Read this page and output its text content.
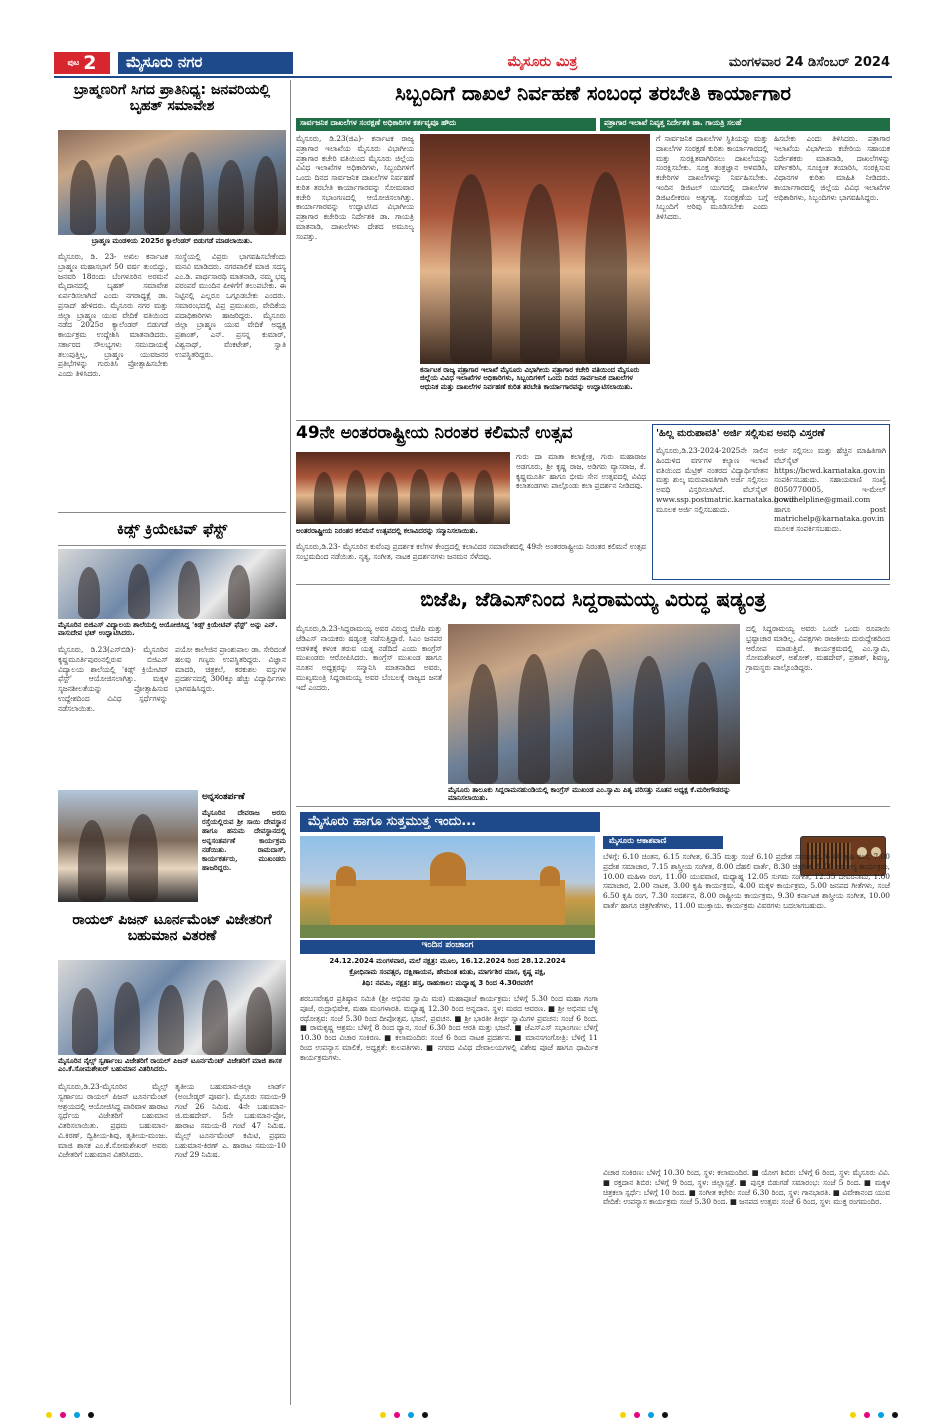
ಪುಟ 2	ಮೈಸೂರು ನಗರ	ಮೈಸೂರು ಮಿತ್ರ	ಮಂಗಳವಾರ 24 ಡಿಸೆಂಬರ್ 2024
ಬ್ರಾಹ್ಮಣರಿಗೆ ಸಿಗದ ಪ್ರಾತಿನಿಧ್ಯ: ಜನವರಿಯಲ್ಲಿ ಬೃಹತ್ ಸಮಾವೇಶ
ಬ್ರಾಹ್ಮಣ ಮಂಡಳಿಯ 2025ರ ಕ್ಯಾಲೆಂಡರ್ ಬಿಡುಗಡೆ ಮಾಡಲಾಯಿತು.
ಮೈಸೂರು, ಡಿ. 23- ಅಖಿಲ ಕರ್ನಾಟಕ ಬ್ರಾಹ್ಮಣ ಮಹಾಸಭಾಗೆ 50 ವರ್ಷ ತುಂಬಿದ್ದು, ಜನವರಿ 18ರಂದು ಬೆಂಗಳೂರಿನ ಅರಮನೆ ಮೈದಾನದಲ್ಲಿ ಬೃಹತ್ ಸಮಾವೇಶ ಏರ್ಪಡಿಸಲಾಗಿದೆ ಎಂದು ನಗರಾಧ್ಯಕ್ಷೆ ಡಾ. ಪ್ರಸಾದ್ ಹೇಳಿದರು. ಮೈಸೂರು ನಗರ ಮತ್ತು ಜಿಲ್ಲಾ ಬ್ರಾಹ್ಮಣ ಯುವ ವೇದಿಕೆ ವತಿಯಿಂದ ನಡೆದ 2025ರ ಕ್ಯಾಲೆಂಡರ್ ಬಿಡುಗಡೆ ಕಾರ್ಯಕ್ರಮ ಉದ್ದೇಶಿಸಿ ಮಾತನಾಡಿದರು. ಸರ್ಕಾರದ ಸೌಲಭ್ಯಗಳು ಸಮುದಾಯಕ್ಕೆ ತಲುಪುತ್ತಿಲ್ಲ, ಬ್ರಾಹ್ಮಣ ಯುವಜನರ ಪ್ರತಿಭೆಗಳನ್ನು ಗುರುತಿಸಿ ಪ್ರೋತ್ಸಾಹಿಸಬೇಕು ಎಂದು ತಿಳಿಸಿದರು.
ಸಂಸ್ಥೆಯಲ್ಲಿ ವಿಪ್ರರು ಭಾಗವಹಿಸಬೇಕೆಂದು ಮನವಿ ಮಾಡಿದರು. ನಗರಪಾಲಿಕೆ ಮಾಜಿ ಸದಸ್ಯ ಎಂ.ಡಿ. ಪಾರ್ಥಸಾರಥಿ ಮಾತನಾಡಿ, ನಮ್ಮ ಭವ್ಯ ಪರಂಪರೆ ಮುಂದಿನ ಪೀಳಿಗೆಗೆ ತಲುಪಬೇಕು. ಈ ನಿಟ್ಟಿನಲ್ಲಿ ಎಲ್ಲರೂ ಒಗ್ಗೂಡಬೇಕು ಎಂದರು. ಸಮಾರಂಭದಲ್ಲಿ ವಿಪ್ರ ಪ್ರಮುಖರು, ವೇದಿಕೆಯ ಪದಾಧಿಕಾರಿಗಳು ಹಾಜರಿದ್ದರು. ಮೈಸೂರು ಜಿಲ್ಲಾ ಬ್ರಾಹ್ಮಣ ಯುವ ವೇದಿಕೆ ಅಧ್ಯಕ್ಷ ಪ್ರಶಾಂತ್, ಎನ್. ಪ್ರಸನ್ನ ಕುಮಾರ್, ವಿಶ್ವನಾಥ್, ವೆಂಕಟೇಶ್, ಸ್ವಾತಿ ಉಪಸ್ಥಿತರಿದ್ದರು.
ಕಿಡ್ಸ್ ಕ್ರಿಯೇಟಿವ್ ಫೆಸ್ಟ್
ಮೈಸೂರಿನ ಬಿಜಿಎಸ್ ವಿದ್ಯಾಲಯ ಶಾಲೆಯಲ್ಲಿ ಆಯೋಜಿಸಿದ್ದ 'ಕಿಡ್ಸ್ ಕ್ರಿಯೇಟಿವ್ ಫೆಸ್ಟ್' ಅನ್ನು ಎನ್. ವಾಸುದೇವ ಭಟ್ ಉದ್ಘಾಟಿಸಿದರು.
ಮೈಸೂರು, ಡಿ.23(ಎಸ್‌ಬಿಡಿ)- ಮೈಸೂರಿನ ಕೃಷ್ಣಮೂರ್ತಿಪುರಂನಲ್ಲಿರುವ ಬಿಜಿಎಸ್ ವಿದ್ಯಾಲಯ ಶಾಲೆಯಲ್ಲಿ 'ಕಿಡ್ಸ್ ಕ್ರಿಯೇಟಿವ್ ಫೆಸ್ಟ್' ಆಯೋಜಿಸಲಾಗಿತ್ತು. ಮಕ್ಕಳ ಸೃಜನಶೀಲತೆಯನ್ನು ಪ್ರೋತ್ಸಾಹಿಸುವ ಉದ್ದೇಶದಿಂದ ವಿವಿಧ ಸ್ಪರ್ಧೆಗಳನ್ನು ನಡೆಸಲಾಯಿತು.
ಪಯೋ ಕಾಲೇಜಿನ ಪ್ರಾಂಶುಪಾಲ ಡಾ. ಸೇರಿದಂತೆ ಹಲವು ಗಣ್ಯರು ಉಪಸ್ಥಿತರಿದ್ದರು. ವಿಜ್ಞಾನ ಮಾದರಿ, ಚಿತ್ರಕಲೆ, ಕರಕುಶಲ ವಸ್ತುಗಳ ಪ್ರದರ್ಶನದಲ್ಲಿ 300ಕ್ಕೂ ಹೆಚ್ಚು ವಿದ್ಯಾರ್ಥಿಗಳು ಭಾಗವಹಿಸಿದ್ದರು.
ಅನ್ನಸಂತರ್ಪಣೆ
ಮೈಸೂರಿನ ದೇವರಾಜ ಅರಸು ರಸ್ತೆಯಲ್ಲಿರುವ ಶ್ರೀ ಸಾಯಿ ದೇವಸ್ಥಾನ ಹಾಗೂ ಹನುಮ ದೇವಸ್ಥಾನದಲ್ಲಿ ಅನ್ನಸಂತರ್ಪಣೆ ಕಾರ್ಯಕ್ರಮ ನಡೆಯಿತು. ರಾಮದಾಸ್, ಕಾರ್ಯಕರ್ತರು, ಮುಖಂಡರು ಹಾಜರಿದ್ದರು.
ರಾಯಲ್ ಪಿಜನ್ ಟೂರ್ನಮೆಂಟ್ ವಿಜೇತರಿಗೆ ಬಹುಮಾನ ವಿತರಣೆ
ಮೈಸೂರಿನ ನೈಲ್ಸ್ ಸ್ವರ್ಣಾಂಬ ವಿಜೇತರಿಗೆ ರಾಯಲ್ ಪಿಜನ್ ಟೂರ್ನಮೆಂಟ್ ವಿಜೇತರಿಗೆ ಮಾಜಿ ಶಾಸಕ ಎಂ.ಕೆ.ಸೋಮಶೇಖರ್ ಬಹುಮಾನ ವಿತರಿಸಿದರು.
ಮೈಸೂರು,ಡಿ.23-ಮೈಸೂರಿನ ಮೈಲ್ಸ್ ಸ್ವರ್ಣಾಂಬ ರಾಯಲ್ ಪಿಜನ್ ಟೂರ್ನಮೆಂಟ್ ಆಶ್ರಯದಲ್ಲಿ ಆಯೋಜಿಸಿದ್ದ ಪಾರಿವಾಳ ಹಾರಾಟ ಸ್ಪರ್ಧೆಯ ವಿಜೇತರಿಗೆ ಬಹುಮಾನ ವಿತರಿಸಲಾಯಿತು. ಪ್ರಥಮ ಬಹುಮಾನ-ವಿ.ಕಿರಣ್, ದ್ವಿತೀಯ-ಶಿವು, ತೃತೀಯ-ಮಂಜು. ಮಾಜಿ ಶಾಸಕ ಎಂ.ಕೆ.ಸೋಮಶೇಖರ್ ಅವರು ವಿಜೇತರಿಗೆ ಬಹುಮಾನ ವಿತರಿಸಿದರು.
ತೃತೀಯ ಬಹುಮಾನ-ಜಿಲ್ಲಾ ಲಾರ್ಡ್ (ಅಂಬೇಡ್ಕರ್ ಪೂರ್ವ). ಮೈಸೂರು ಸಮಯ-9 ಗಂಟೆ 26 ನಿಮಿಷ. 4ನೇ ಬಹುಮಾನ-ಜಿ.ಮಹದೇವ್. 5ನೇ ಬಹುಮಾನ-ಪ್ರೋ, ಹಾರಾಟ ಸಮಯ-8 ಗಂಟೆ 47 ನಿಮಿಷ. ಮೈಲ್ಸ್ ಟೂರ್ನಮೆಂಟ್ ಕಮಿಟಿ, ಪ್ರಥಮ ಬಹುಮಾನ-ಕಿರಣ್ ಎ. ಹಾರಾಟ ಸಮಯ-10 ಗಂಟೆ 29 ನಿಮಿಷ.
ಸಿಬ್ಬಂದಿಗೆ ದಾಖಲೆ ನಿರ್ವಹಣೆ ಸಂಬಂಧ ತರಬೇತಿ ಕಾರ್ಯಾಗಾರ
ಸಾರ್ವಜನಿಕ ದಾಖಲೆಗಳ ಸಂರಕ್ಷಣೆ ಅಧಿಕಾರಿಗಳ ಕರ್ತವ್ಯವೂ ಹೌದು	ಪತ್ರಾಗಾರ ಇಲಾಖೆ ನಿವೃತ್ತ ನಿರ್ದೇಶಕಿ ಡಾ. ಗಾಯತ್ರಿ ಸಲಹೆ
ಮೈಸೂರು, ಡಿ.23(ಜಿಎ)- ಕರ್ನಾಟಕ ರಾಜ್ಯ ಪತ್ರಾಗಾರ ಇಲಾಖೆಯ ಮೈಸೂರು ವಿಭಾಗೀಯ ಪತ್ರಾಗಾರ ಕಚೇರಿ ವತಿಯಿಂದ ಮೈಸೂರು ಜಿಲ್ಲೆಯ ವಿವಿಧ ಇಲಾಖೆಗಳ ಅಧಿಕಾರಿಗಳು, ಸಿಬ್ಬಂದಿಗಳಿಗೆ ಒಂದು ದಿನದ ಸಾರ್ವಜನಿಕ ದಾಖಲೆಗಳ ನಿರ್ವಹಣೆ ಕುರಿತ ತರಬೇತಿ ಕಾರ್ಯಾಗಾರವನ್ನು ಸೋಮವಾರ ಕಚೇರಿ ಸಭಾಂಗಣದಲ್ಲಿ ಆಯೋಜಿಸಲಾಗಿತ್ತು. ಕಾರ್ಯಾಗಾರವನ್ನು ಉದ್ಘಾಟಿಸಿದ ವಿಭಾಗೀಯ ಪತ್ರಾಗಾರ ಕಚೇರಿಯ ನಿರ್ದೇಶಕಿ ಡಾ. ಗಾಯತ್ರಿ ಮಾತನಾಡಿ, ದಾಖಲೆಗಳು ದೇಶದ ಅಮೂಲ್ಯ ಸಂಪತ್ತು.
ಕರ್ನಾಟಕ ರಾಜ್ಯ ಪತ್ರಾಗಾರ ಇಲಾಖೆ ಮೈಸೂರು ವಿಭಾಗೀಯ ಪತ್ರಾಗಾರ ಕಚೇರಿ ವತಿಯಿಂದ ಮೈಸೂರು ಜಿಲ್ಲೆಯ ವಿವಿಧ ಇಲಾಖೆಗಳ ಅಧಿಕಾರಿಗಳು, ಸಿಬ್ಬಂದಿಗಳಿಗೆ ಒಂದು ದಿನದ ಸಾರ್ವಜನಿಕ ದಾಖಲೆಗಳ ಆಧುನಿಕ ಮತ್ತು ದಾಖಲೆಗಳ ನಿರ್ವಹಣೆ ಕುರಿತ ತರಬೇತಿ ಕಾರ್ಯಾಗಾರವನ್ನು ಉದ್ಘಾಟಿಸಲಾಯಿತು.
ಗೆ ಸಾರ್ವಜನಿಕ ದಾಖಲೆಗಳ ಸ್ಥಿತಿಯನ್ನು ಮತ್ತು ದಾಖಲೆಗಳ ಸಂರಕ್ಷಣೆ ಕುರಿತು ಕಾರ್ಯಾಗಾರದಲ್ಲಿ ಮತ್ತು ಸುರಕ್ಷಿತವಾಗಿರಿಸಲು ದಾಖಲೆಯನ್ನು ಸಂರಕ್ಷಿಸಬೇಕು. ಸೂಕ್ತ ತಂತ್ರಜ್ಞಾನ ಅಳವಡಿಸಿ, ಕಚೇರಿಗಳ ದಾಖಲೆಗಳನ್ನು ನಿರ್ವಹಿಸಬೇಕು. ಇಂದಿನ ಡಿಜಿಟಲ್ ಯುಗದಲ್ಲಿ ದಾಖಲೆಗಳ ಡಿಜಿಟಲೀಕರಣ ಅತ್ಯಗತ್ಯ. ಸಂರಕ್ಷಣೆಯ ಬಗ್ಗೆ ಸಿಬ್ಬಂದಿಗೆ ಅರಿವು ಮೂಡಿಸಬೇಕು ಎಂದು ತಿಳಿಸಿದರು.
ಹಿಸಬೇಕು ಎಂದು ತಿಳಿಸಿದರು. ಪತ್ರಾಗಾರ ಇಲಾಖೆಯ ವಿಭಾಗೀಯ ಕಚೇರಿಯ ಸಹಾಯಕ ನಿರ್ದೇಶಕರು ಮಾತನಾಡಿ, ದಾಖಲೆಗಳನ್ನು ವರ್ಗೀಕರಿಸಿ, ಸೂಚ್ಯಂಕ ತಯಾರಿಸಿ, ಸಂರಕ್ಷಿಸುವ ವಿಧಾನಗಳ ಕುರಿತು ಮಾಹಿತಿ ನೀಡಿದರು. ಕಾರ್ಯಾಗಾರದಲ್ಲಿ ಜಿಲ್ಲೆಯ ವಿವಿಧ ಇಲಾಖೆಗಳ ಅಧಿಕಾರಿಗಳು, ಸಿಬ್ಬಂದಿಗಳು ಭಾಗವಹಿಸಿದ್ದರು.
49ನೇ ಅಂತರರಾಷ್ಟ್ರೀಯ ನಿರಂತರ ಕಲಿಮನೆ ಉತ್ಸವ
ಅಂತರರಾಷ್ಟ್ರೀಯ ನಿರಂತರ ಕಲಿಮನೆ ಉತ್ಸವದಲ್ಲಿ ಕಲಾವಿದರನ್ನು ಸನ್ಮಾನಿಸಲಾಯಿತು.
ಗುರು ದಾ ಮಾತಾ ಕಲಾಕ್ಷೇತ್ರ, ಗುರು ಮಹಾರಾಜ ಅಡಗೂರು, ಶ್ರೀ ಕೃಷ್ಣ ರಾಜ, ಅಡಿಗರು ವ್ಯಾಸರಾಜ, ಕೆ. ಕೃಷ್ಣಮೂರ್ತಿ ಹಾಗೂ ಭೀಮ ಸೇನ ಉತ್ಸವದಲ್ಲಿ ವಿವಿಧ ಕಲಾತಂಡಗಳು ಪಾಲ್ಗೊಂಡು ಕಲಾ ಪ್ರದರ್ಶನ ನೀಡಿದವು.
ಮೈಸೂರು,ಡಿ.23- ಮೈಸೂರಿನ ಕುವೆಂಪು ಪ್ರದರ್ಶಕ ಕಲೆಗಳ ಕೇಂದ್ರದಲ್ಲಿ ಕಲಾವಿದರ ಸಮಾವೇಶದಲ್ಲಿ 49ನೇ ಅಂತರರಾಷ್ಟ್ರೀಯ ನಿರಂತರ ಕಲಿಮನೆ ಉತ್ಸವ ಸಂಭ್ರಮದಿಂದ ನಡೆಯಿತು. ನೃತ್ಯ, ಸಂಗೀತ, ನಾಟಕ ಪ್ರದರ್ಶನಗಳು ಜನಮನ ಸೆಳೆದವು.
'ಹಿಲ್ಲ ಮರುಪಾವತಿ' ಅರ್ಜಿ ಸಲ್ಲಿಸುವ ಅವಧಿ ವಿಸ್ತರಣೆ
ಮೈಸೂರು,ಡಿ.23-2024-2025ನೇ ಸಾಲಿನ ಹಿಂದುಳಿದ ವರ್ಗಗಳ ಕಲ್ಯಾಣ ಇಲಾಖೆ ವತಿಯಿಂದ ಮೆಟ್ರಿಕ್ ನಂತರದ ವಿದ್ಯಾರ್ಥಿವೇತನ ಮತ್ತು ಶುಲ್ಕ ಮರುಪಾವತಿಗಾಗಿ ಅರ್ಜಿ ಸಲ್ಲಿಸಲು ಅವಧಿ ವಿಸ್ತರಿಸಲಾಗಿದೆ. ವೆಬ್‌ಸೈಟ್ www.ssp.postmatric.karnataka.gov.in ಮೂಲಕ ಅರ್ಜಿ ಸಲ್ಲಿಸಬಹುದು.
ಅರ್ಜಿ ಸಲ್ಲಿಸಲು ಮತ್ತು ಹೆಚ್ಚಿನ ಮಾಹಿತಿಗಾಗಿ ವೆಬ್‌ಸೈಟ್ https://bcwd.karnataka.gov.in ಸಂಪರ್ಕಿಸಬಹುದು. ಸಹಾಯವಾಣಿ ಸಂಖ್ಯೆ 8050770005, ಇ-ಮೇಲ್ bcwdhelpline@gmail.com ಹಾಗೂ post matrichelp@karnataka.gov.in ಮೂಲಕ ಸಂಪರ್ಕಿಸಬಹುದು.
ಬಿಜೆಪಿ, ಜೆಡಿಎಸ್‌ನಿಂದ ಸಿದ್ದರಾಮಯ್ಯ ವಿರುದ್ಧ ಷಡ್ಯಂತ್ರ
ಮೈಸೂರು,ಡಿ.23-ಸಿದ್ದರಾಮಯ್ಯ ಅವರ ವಿರುದ್ಧ ಬಿಜೆಪಿ ಮತ್ತು ಜೆಡಿಎಸ್ ನಾಯಕರು ಷಡ್ಯಂತ್ರ ನಡೆಸುತ್ತಿದ್ದಾರೆ. ಸಿಎಂ ಜನಪರ ಆಡಳಿತಕ್ಕೆ ಕಳಂಕ ತರುವ ಯತ್ನ ನಡೆದಿದೆ ಎಂದು ಕಾಂಗ್ರೆಸ್ ಮುಖಂಡರು ಆರೋಪಿಸಿದರು. ಕಾಂಗ್ರೆಸ್ ಮುಖಂಡ ಹಾಗೂ ನೂತನ ಅಧ್ಯಕ್ಷರನ್ನು ಸನ್ಮಾನಿಸಿ ಮಾತನಾಡಿದ ಅವರು, ಮುಖ್ಯಮಂತ್ರಿ ಸಿದ್ದರಾಮಯ್ಯ ಅವರ ಬೆಂಬಲಕ್ಕೆ ರಾಜ್ಯದ ಜನತೆ ಇದೆ ಎಂದರು.
ಮೈಸೂರು ತಾಲೂಕು ಸಿದ್ದರಾಮನಹುಂಡಿಯಲ್ಲಿ ಕಾಂಗ್ರೆಸ್ ಮುಖಂಡ ಎಂ.ಸ್ವಾಮಿ ಪಿತೃ ಪರಿಸತ್ತು ನೂತನ ಅಧ್ಯಕ್ಷ ಕೆ.ಮರೀಗೌಡರನ್ನು ಮಾನಿಸಲಾಯಿತು.
ದಲ್ಲಿ ಸಿದ್ದರಾಮಯ್ಯ ಅವರು ಒಂದೇ ಒಂದು ರೂಪಾಯಿ ಭ್ರಷ್ಟಾಚಾರ ಮಾಡಿಲ್ಲ. ವಿಪಕ್ಷಗಳು ರಾಜಕೀಯ ದುರುದ್ದೇಶದಿಂದ ಆರೋಪ ಮಾಡುತ್ತಿವೆ. ಕಾರ್ಯಕ್ರಮದಲ್ಲಿ ಎಂ.ಸ್ವಾಮಿ, ಸೋಮಶೇಖರ್, ಅಶೋಕ್, ಮಹದೇವ್, ಪ್ರಕಾಶ್, ಶಿವಣ್ಣ, ಗ್ರಾಮಸ್ಥರು ಪಾಲ್ಗೊಂಡಿದ್ದರು.
ಮೈಸೂರು ಹಾಗೂ ಸುತ್ತಮುತ್ತ ಇಂದು...
ಇಂದಿನ ಪಂಚಾಂಗ
24.12.2024 ಮಂಗಳವಾರ, ಮಲೆ ನಕ್ಷತ್ರ: ಮೂಲ, 16.12.2024 ರಿಂದ 28.12.2024
ಕ್ರೋಧಿನಾಮ ಸಂವತ್ಸರ, ದಕ್ಷಿಣಾಯನ, ಹೇಮಂತ ಋತು, ಮಾರ್ಗಶಿರ ಮಾಸ, ಕೃಷ್ಣ ಪಕ್ಷ,
ತಿಥಿ: ನವಮಿ, ನಕ್ಷತ್ರ: ಹಸ್ತ, ರಾಹುಕಾಲ: ಮಧ್ಯಾಹ್ನ 3 ರಿಂದ 4.30ರವರೆಗೆ
ಶರಬಸವೇಶ್ವರ ಪ್ರತಿಷ್ಠಾನ ಸಮಿತಿ (ಶ್ರೀ ಅಭಿನವ ಸ್ವಾಮಿ ಮಠ) ಮಹಾಪೂಜೆ ಕಾರ್ಯಕ್ರಮ: ಬೆಳಿಗ್ಗೆ 5.30 ರಿಂದ ಮಹಾ ಗಂಗಾ ಪೂಜೆ, ರುದ್ರಾಭಿಷೇಕ, ಮಹಾ ಮಂಗಳಾರತಿ. ಮಧ್ಯಾಹ್ನ 12.30 ರಿಂದ ಅನ್ನದಾನ. ಸ್ಥಳ: ಮಠದ ಆವರಣ. ■ ಶ್ರೀ ಅಭಿನವ ಬೆಳ್ಳಿ ರಥೋತ್ಸವ: ಸಂಜೆ 5.30 ರಿಂದ ದೀಪೋತ್ಸವ, ಭಜನೆ, ಪ್ರವಚನ. ■ ಶ್ರೀ ಭಾರತೀ ತೀರ್ಥ ಸ್ವಾಮಿಗಳ ಪ್ರವಚನ: ಸಂಜೆ 6 ರಿಂದ. ■ ರಾಮಕೃಷ್ಣ ಆಶ್ರಮ: ಬೆಳಿಗ್ಗೆ 8 ರಿಂದ ಧ್ಯಾನ, ಸಂಜೆ 6.30 ರಿಂದ ಆರತಿ ಮತ್ತು ಭಜನೆ. ■ ಜೆಎಸ್‌ಎಸ್ ಸಭಾಂಗಣ: ಬೆಳಿಗ್ಗೆ 10.30 ರಿಂದ ವಿಚಾರ ಸಂಕಿರಣ. ■ ಕಲಾಮಂದಿರ: ಸಂಜೆ 6 ರಿಂದ ನಾಟಕ ಪ್ರದರ್ಶನ. ■ ಮಾನಸಗಂಗೋತ್ರಿ: ಬೆಳಿಗ್ಗೆ 11 ರಿಂದ ಉಪನ್ಯಾಸ ಮಾಲಿಕೆ, ಅಧ್ಯಕ್ಷತೆ: ಕುಲಪತಿಗಳು. ■ ನಗರದ ವಿವಿಧ ದೇವಾಲಯಗಳಲ್ಲಿ ವಿಶೇಷ ಪೂಜೆ ಹಾಗೂ ಧಾರ್ಮಿಕ ಕಾರ್ಯಕ್ರಮಗಳು.
ಮೈಸೂರು ಆಕಾಶವಾಣಿ
ಬೆಳಿಗ್ಗೆ: 6.10 ಚಿಂತನ, 6.15 ಸಂಗೀತ, 6.35 ಮತ್ತು ಸಂಜೆ 6.10 ಪ್ರದೇಶ ಸಮಾಚಾರ, 6.40 ಕೃಷಿ ರಂಗ, 7.00 ಪ್ರದೇಶ ಸಮಾಚಾರ, 7.15 ಶಾಸ್ತ್ರೀಯ ಸಂಗೀತ, 8.00 ದೆಹಲಿ ವಾರ್ತೆ, 8.30 ಚಿತ್ರಗೀತೆ, 9.00 ಆರೋಗ್ಯ ಕಾರ್ಯಕ್ರಮ, 10.00 ಮಹಿಳಾ ರಂಗ, 11.00 ಯುವವಾಣಿ, ಮಧ್ಯಾಹ್ನ 12.05 ಸುಗಮ ಸಂಗೀತ, 12.35 ದೇವರನಾಮ, 1.00 ಸಮಾಚಾರ, 2.00 ನಾಟಕ, 3.00 ಕೃಷಿ ಕಾರ್ಯಕ್ರಮ, 4.00 ಮಕ್ಕಳ ಕಾರ್ಯಕ್ರಮ, 5.00 ಜನಪದ ಗೀತೆಗಳು, ಸಂಜೆ 6.50 ಕೃಷಿ ರಂಗ, 7.30 ಸಂದರ್ಶನ, 8.00 ರಾಷ್ಟ್ರೀಯ ಕಾರ್ಯಕ್ರಮ, 9.30 ಕರ್ನಾಟಕ ಶಾಸ್ತ್ರೀಯ ಸಂಗೀತ, 10.00 ವಾರ್ತೆ ಹಾಗೂ ಚಿತ್ರಗೀತೆಗಳು, 11.00 ಮುಕ್ತಾಯ. ಕಾರ್ಯಕ್ರಮ ವಿವರಗಳು ಬದಲಾಗಬಹುದು.
ವಿಚಾರ ಸಂಕಿರಣ: ಬೆಳಿಗ್ಗೆ 10.30 ರಿಂದ, ಸ್ಥಳ: ಕಲಾಮಂದಿರ. ■ ಯೋಗ ಶಿಬಿರ: ಬೆಳಿಗ್ಗೆ 6 ರಿಂದ, ಸ್ಥಳ: ಮೈಸೂರು ವಿವಿ. ■ ರಕ್ತದಾನ ಶಿಬಿರ: ಬೆಳಿಗ್ಗೆ 9 ರಿಂದ, ಸ್ಥಳ: ಜಿಲ್ಲಾಸ್ಪತ್ರೆ. ■ ಪುಸ್ತಕ ಬಿಡುಗಡೆ ಸಮಾರಂಭ: ಸಂಜೆ 5 ರಿಂದ. ■ ಮಕ್ಕಳ ಚಿತ್ರಕಲಾ ಸ್ಪರ್ಧೆ: ಬೆಳಿಗ್ಗೆ 10 ರಿಂದ. ■ ಸಂಗೀತ ಕಛೇರಿ: ಸಂಜೆ 6.30 ರಿಂದ, ಸ್ಥಳ: ಗಾನಭಾರತಿ. ■ ವಿವೇಕಾನಂದ ಯುವ ವೇದಿಕೆ: ಉಪನ್ಯಾಸ ಕಾರ್ಯಕ್ರಮ ಸಂಜೆ 5.30 ರಿಂದ. ■ ಜನಪದ ಉತ್ಸವ: ಸಂಜೆ 6 ರಿಂದ, ಸ್ಥಳ: ಮುಕ್ತ ರಂಗಮಂದಿರ.
